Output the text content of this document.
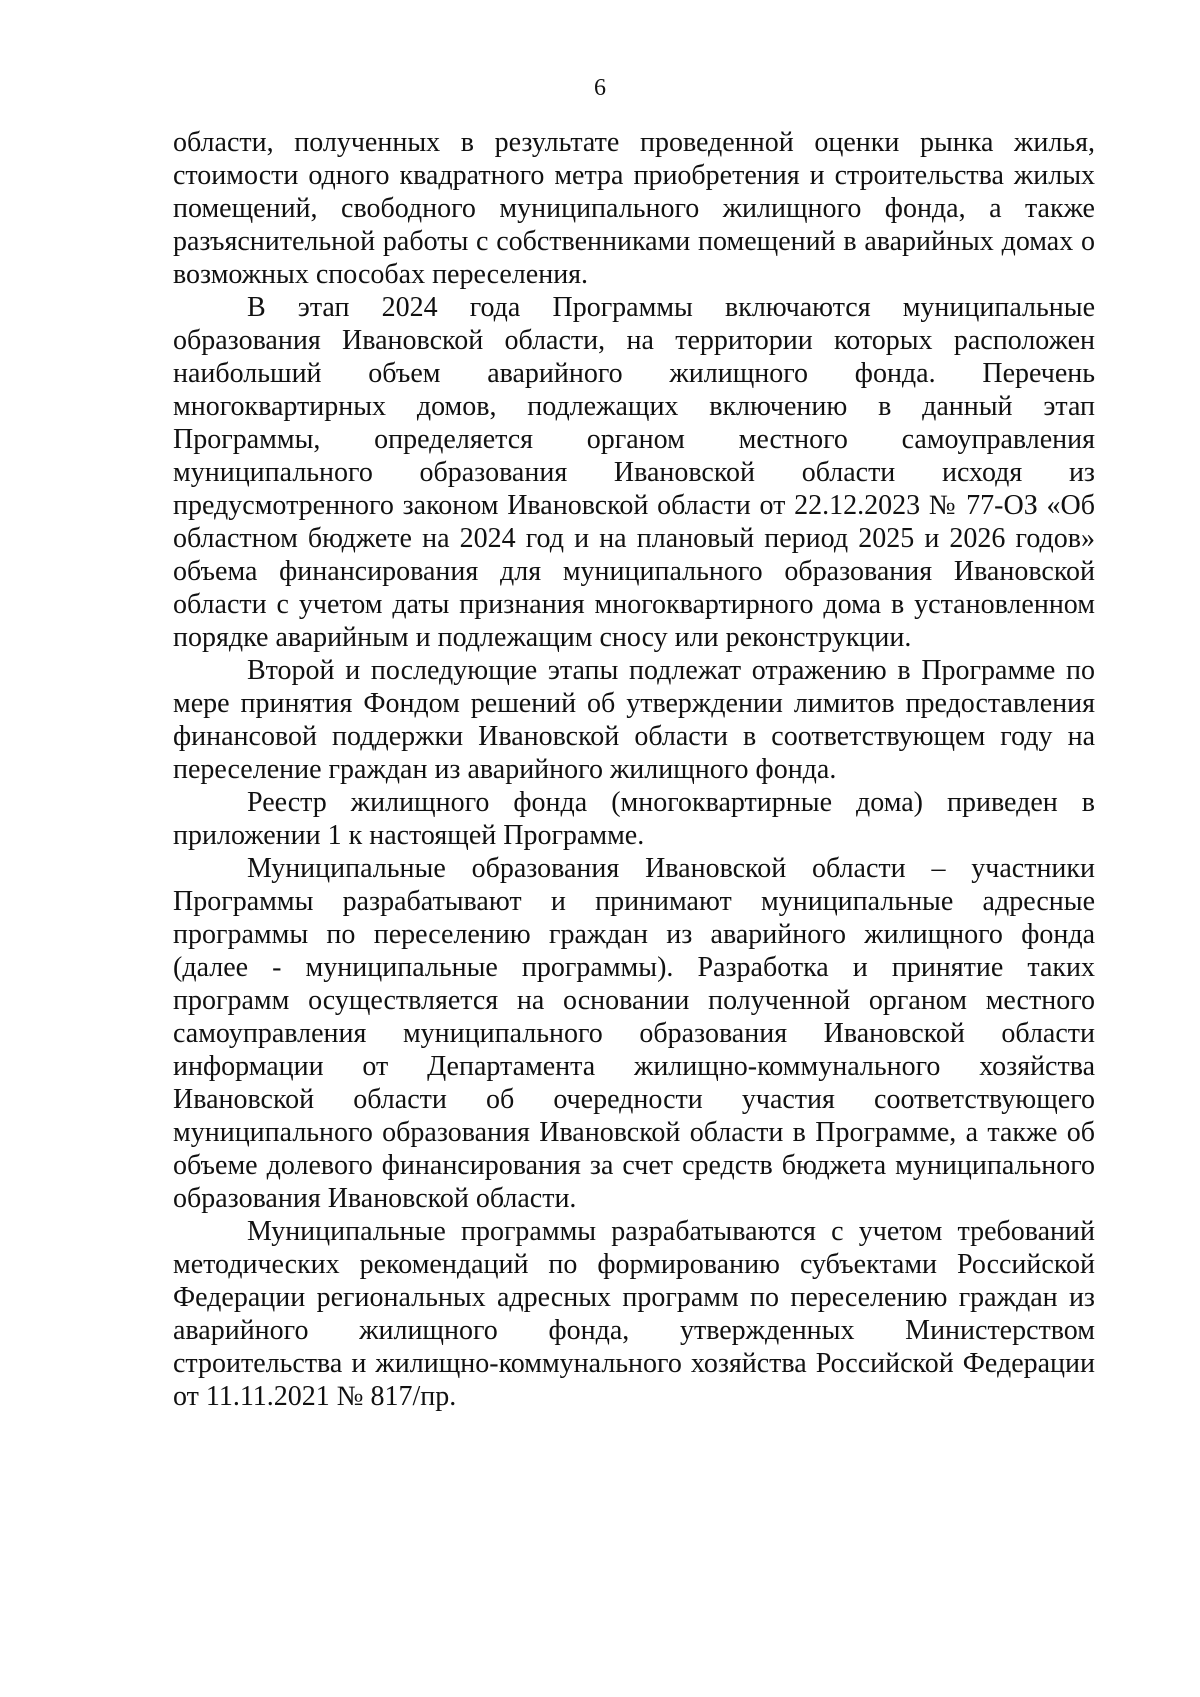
6

области, полученных в результате проведенной оценки рынка жилья, стоимости одного квадратного метра приобретения и строительства жилых помещений, свободного муниципального жилищного фонда, а также разъяснительной работы с собственниками помещений в аварийных домах о возможных способах переселения.

В этап 2024 года Программы включаются муниципальные образования Ивановской области, на территории которых расположен наибольший объем аварийного жилищного фонда. Перечень многоквартирных домов, подлежащих включению в данный этап Программы, определяется органом местного самоуправления муниципального образования Ивановской области исходя из предусмотренного законом Ивановской области от 22.12.2023 № 77-ОЗ «Об областном бюджете на 2024 год и на плановый период 2025 и 2026 годов» объема финансирования для муниципального образования Ивановской области с учетом даты признания многоквартирного дома в установленном порядке аварийным и подлежащим сносу или реконструкции.

Второй и последующие этапы подлежат отражению в Программе по мере принятия Фондом решений об утверждении лимитов предоставления финансовой поддержки Ивановской области в соответствующем году на переселение граждан из аварийного жилищного фонда.

Реестр жилищного фонда (многоквартирные дома) приведен в приложении 1 к настоящей Программе.

Муниципальные образования Ивановской области – участники Программы разрабатывают и принимают муниципальные адресные программы по переселению граждан из аварийного жилищного фонда (далее - муниципальные программы). Разработка и принятие таких программ осуществляется на основании полученной органом местного самоуправления муниципального образования Ивановской области информации от Департамента жилищно-коммунального хозяйства Ивановской области об очередности участия соответствующего муниципального образования Ивановской области в Программе, а также об объеме долевого финансирования за счет средств бюджета муниципального образования Ивановской области.

Муниципальные программы разрабатываются с учетом требований методических рекомендаций по формированию субъектами Российской Федерации региональных адресных программ по переселению граждан из аварийного жилищного фонда, утвержденных Министерством строительства и жилищно-коммунального хозяйства Российской Федерации от 11.11.2021 № 817/пр.
